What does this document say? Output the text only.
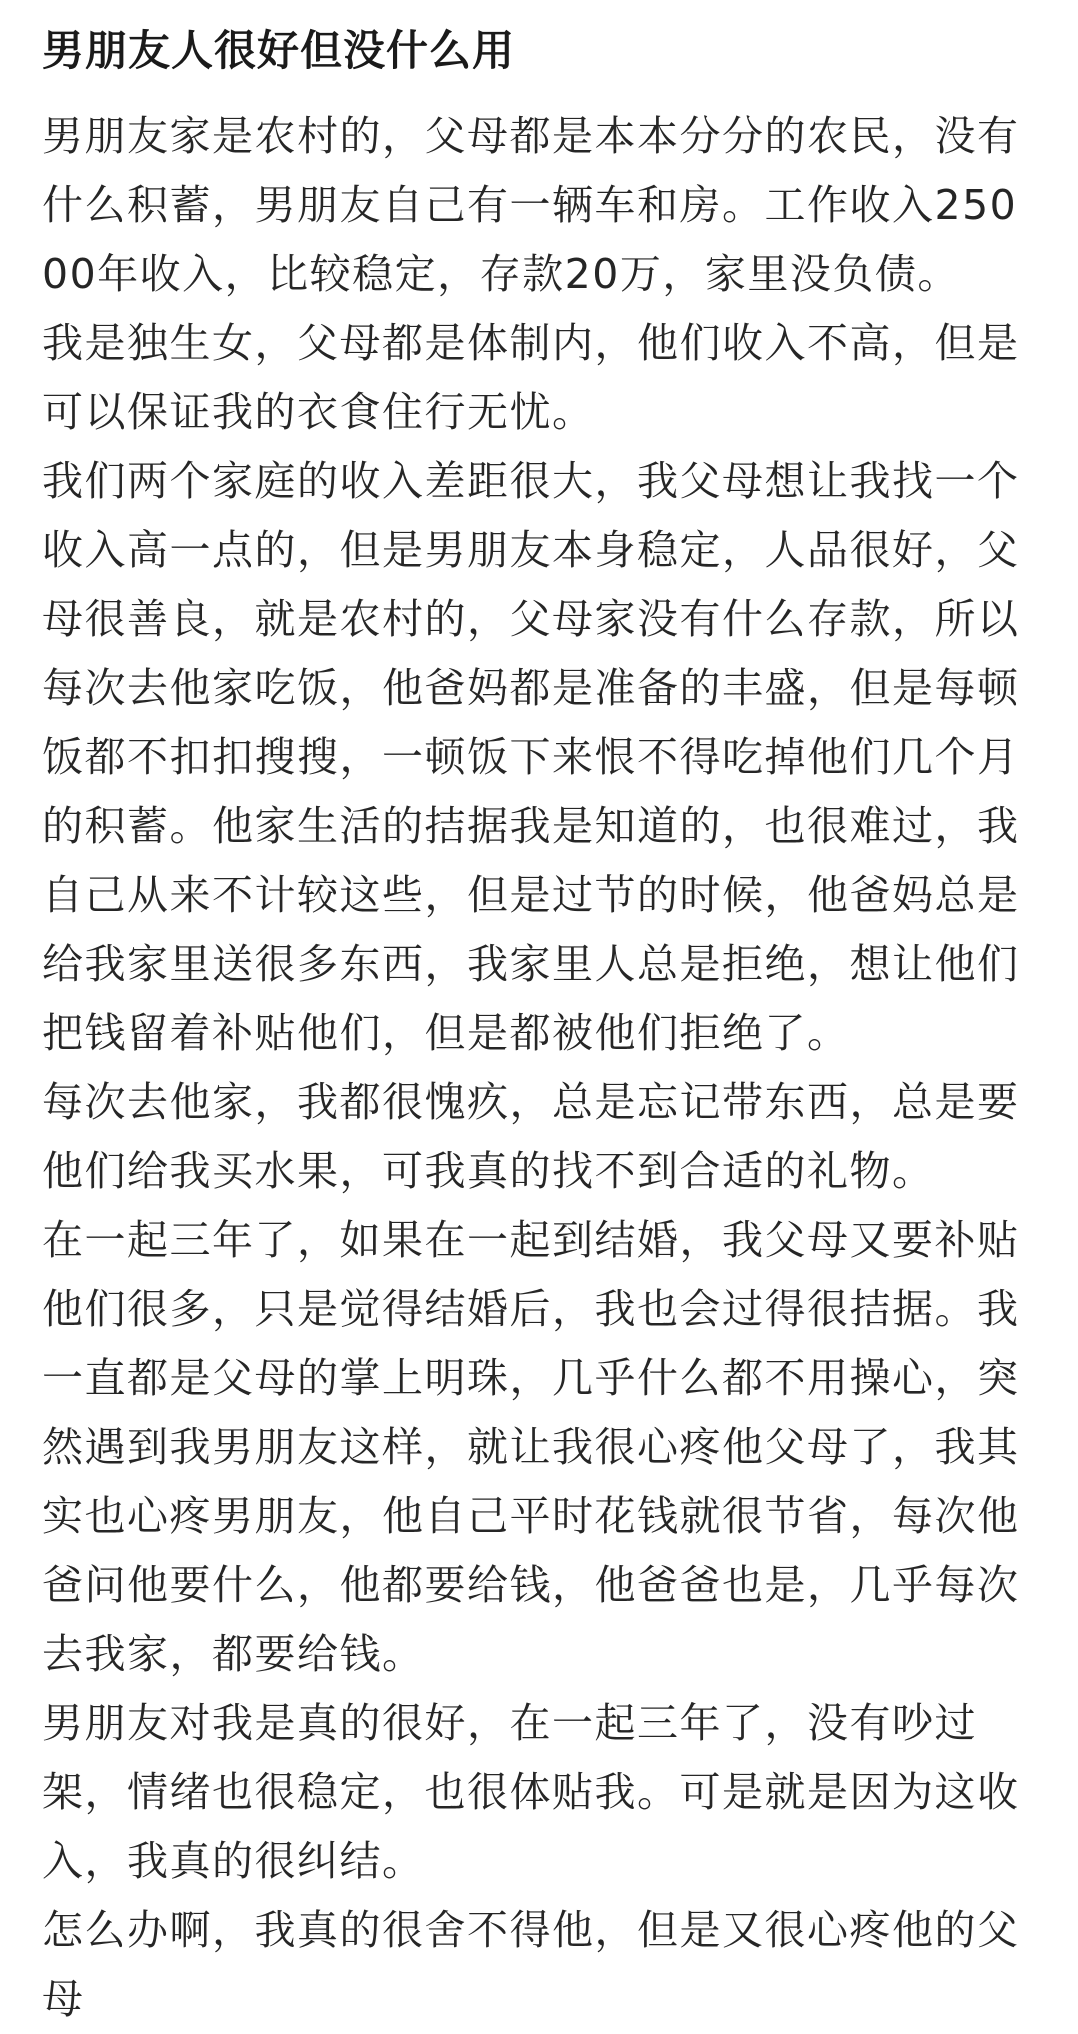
男朋友人很好但没什么用

男朋友家是农村的，父母都是本本分分的农民，没有什么积蓄，男朋友自己有一辆车和房。工作收入25000年收入，比较稳定，存款20万，家里没负债。

我是独生女，父母都是体制内，他们收入不高，但是可以保证我的衣食住行无忧。

我们两个家庭的收入差距很大，我父母想让我找一个收入高一点的，但是男朋友本身稳定，人品很好，父母很善良，就是农村的，父母家没有什么存款，所以每次去他家吃饭，他爸妈都是准备的丰盛，但是每顿饭都不扣扣搜搜，一顿饭下来恨不得吃掉他们几个月的积蓄。他家生活的拮据我是知道的，也很难过，我自己从来不计较这些，但是过节的时候，他爸妈总是给我家里送很多东西，我家里人总是拒绝，想让他们把钱留着补贴他们，但是都被他们拒绝了。

每次去他家，我都很愧疚，总是忘记带东西，总是要他们给我买水果，可我真的找不到合适的礼物。

在一起三年了，如果在一起到结婚，我父母又要补贴他们很多，只是觉得结婚后，我也会过得很拮据。我一直都是父母的掌上明珠，几乎什么都不用操心，突然遇到我男朋友这样，就让我很心疼他父母了，我其实也心疼男朋友，他自己平时花钱就很节省，每次他爸问他要什么，他都要给钱，他爸爸也是，几乎每次去我家，都要给钱。

男朋友对我是真的很好，在一起三年了，没有吵过架，情绪也很稳定，也很体贴我。可是就是因为这收入，我真的很纠结。

怎么办啊，我真的很舍不得他，但是又很心疼他的父母
